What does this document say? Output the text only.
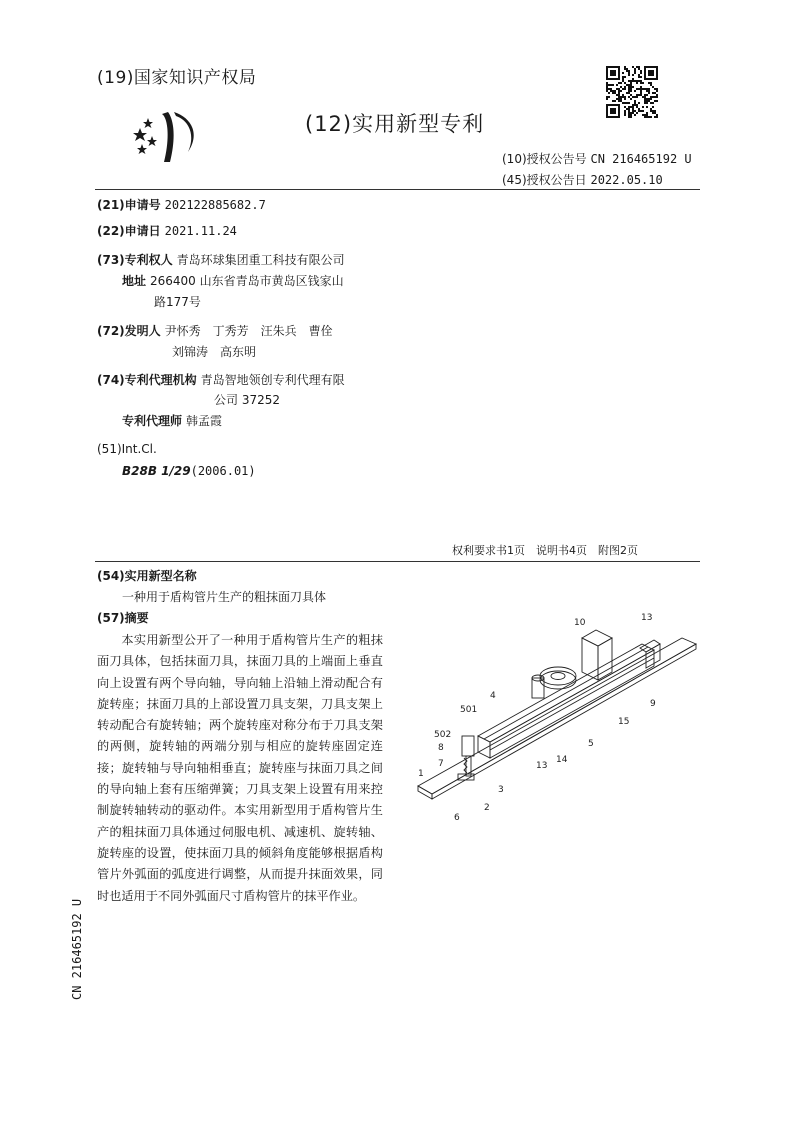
(19)国家知识产权局
(12)实用新型专利
(10)授权公告号 CN 216465192 U
(45)授权公告日 2022.05.10
(21)申请号 202122885682.7
(22)申请日 2021.11.24
(73)专利权人 青岛环球集团重工科技有限公司
地址 266400 山东省青岛市黄岛区钱家山
路177号
(72)发明人 尹怀秀　丁秀芳　汪朱兵　曹佺
刘锦涛　高东明
(74)专利代理机构 青岛智地领创专利代理有限
公司 37252
专利代理师 韩孟霞
(51)Int.Cl.
B28B 1/29(2006.01)
权利要求书1页　说明书4页　附图2页
(54)实用新型名称
一种用于盾构管片生产的粗抹面刀具体
(57)摘要
本实用新型公开了一种用于盾构管片生产的粗抹面刀具体，包括抹面刀具，抹面刀具的上端面上垂直向上设置有两个导向轴，导向轴上沿轴上滑动配合有旋转座；抹面刀具的上部设置刀具支架，刀具支架上转动配合有旋转轴；两个旋转座对称分布于刀具支架的两侧，旋转轴的两端分别与相应的旋转座固定连接；旋转轴与导向轴相垂直；旋转座与抹面刀具之间的导向轴上套有压缩弹簧；刀具支架上设置有用来控制旋转轴转动的驱动件。本实用新型用于盾构管片生产的粗抹面刀具体通过伺服电机、减速机、旋转轴、旋转座的设置，使抹面刀具的倾斜角度能够根据盾构管片外弧面的弧度进行调整，从而提升抹面效果，同时也适用于不同外弧面尺寸盾构管片的抹平作业。
CN 216465192 U
13
10
4
501
9
15
502
5
8
14
7	13
1
3
2
6
